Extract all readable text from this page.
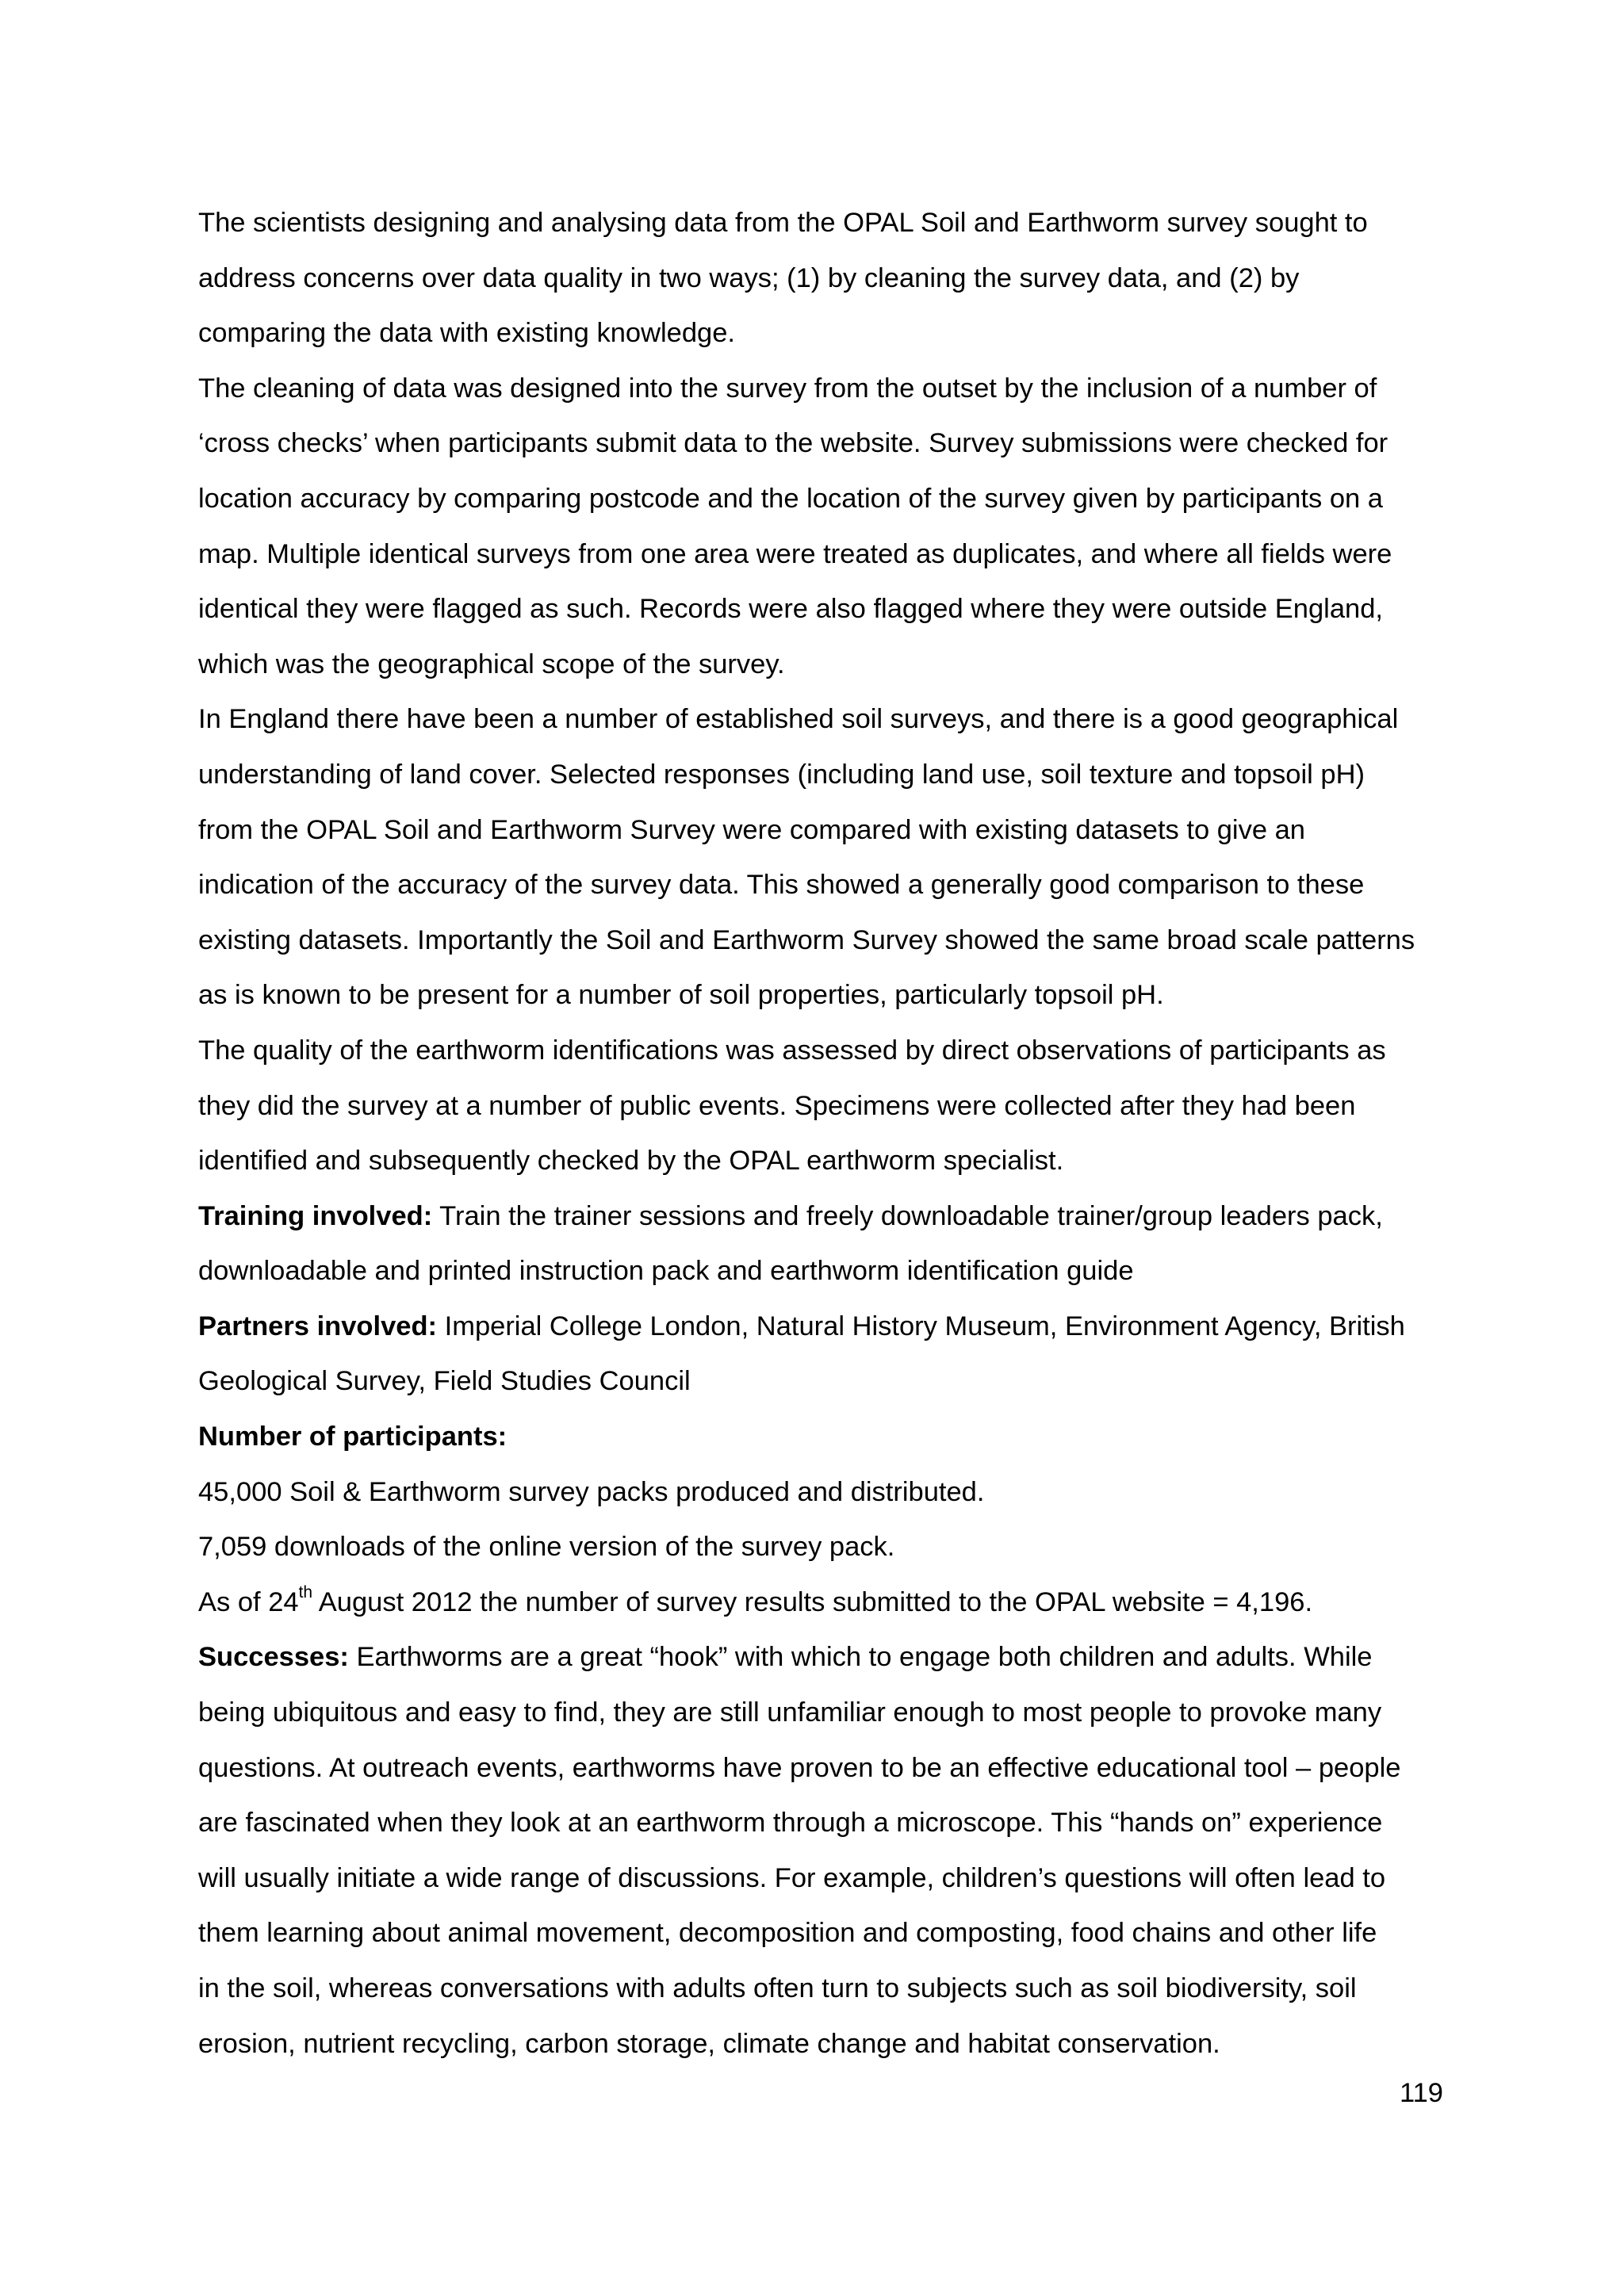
The scientists designing and analysing data from the OPAL Soil and Earthworm survey sought to
address concerns over data quality in two ways; (1) by cleaning the survey data, and (2) by
comparing the data with existing knowledge.
The cleaning of data was designed into the survey from the outset by the inclusion of a number of
‘cross checks’ when participants submit data to the website. Survey submissions were checked for
location accuracy by comparing postcode and the location of the survey given by participants on a
map. Multiple identical surveys from one area were treated as duplicates, and where all fields were
identical they were flagged as such. Records were also flagged where they were outside England,
which was the geographical scope of the survey.
In England there have been a number of established soil surveys, and there is a good geographical
understanding of land cover. Selected responses (including land use, soil texture and topsoil pH)
from the OPAL Soil and Earthworm Survey were compared with existing datasets to give an
indication of the accuracy of the survey data. This showed a generally good comparison to these
existing datasets. Importantly the Soil and Earthworm Survey showed the same broad scale patterns
as is known to be present for a number of soil properties, particularly topsoil pH.
The quality of the earthworm identifications was assessed by direct observations of participants as
they did the survey at a number of public events. Specimens were collected after they had been
identified and subsequently checked by the OPAL earthworm specialist.
Training involved: Train the trainer sessions and freely downloadable trainer/group leaders pack,
downloadable and printed instruction pack and earthworm identification guide
Partners involved: Imperial College London, Natural History Museum, Environment Agency, British
Geological Survey, Field Studies Council
Number of participants:
45,000 Soil & Earthworm survey packs produced and distributed.
7,059 downloads of the online version of the survey pack.
As of 24th August 2012 the number of survey results submitted to the OPAL website = 4,196.
Successes: Earthworms are a great “hook” with which to engage both children and adults. While
being ubiquitous and easy to find, they are still unfamiliar enough to most people to provoke many
questions. At outreach events, earthworms have proven to be an effective educational tool – people
are fascinated when they look at an earthworm through a microscope. This “hands on” experience
will usually initiate a wide range of discussions. For example, children’s questions will often lead to
them learning about animal movement, decomposition and composting, food chains and other life
in the soil, whereas conversations with adults often turn to subjects such as soil biodiversity, soil
erosion, nutrient recycling, carbon storage, climate change and habitat conservation.
119
